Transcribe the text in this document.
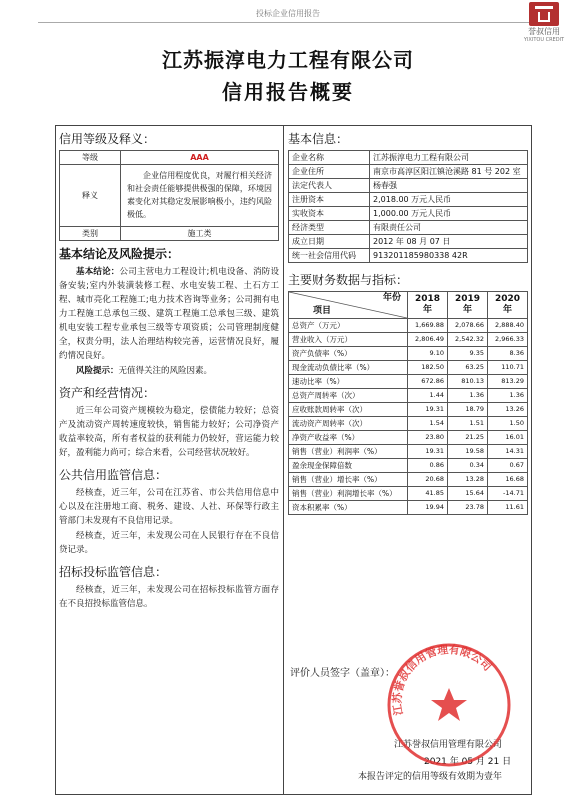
投标企业信用报告
誉叔信用
YIXITOU CREDIT
江苏振淳电力工程有限公司
信用报告概要
信用等级及释义：
等级	AAA
释义	企业信用程度优良，对履行相关经济和社会责任能够提供极强的保障，环境因素变化对其稳定发展影响极小，违约风险极低。

类别	施工类
基本结论及风险提示：
基本结论：公司主营电力工程设计;机电设备、消防设备安装;室内外装潢装修工程、水电安装工程、土石方工程、城市亮化工程施工;电力技术咨询等业务；公司拥有电力工程施工总承包三级、建筑工程施工总承包三级、建筑机电安装工程专业承包三级等专项资质；公司管理制度健全，权责分明，法人治理结构较完善，运营情况良好，履约情况良好。
风险提示：无值得关注的风险因素。
资产和经营情况：
近三年公司资产规模较为稳定，偿债能力较好；总资产及流动资产周转速度较快，销售能力较好；公司净资产收益率较高，所有者权益的获利能力仍较好，营运能力较好，盈利能力尚可；综合来看，公司经营状况较好。
公共信用监管信息：
经核查，近三年，公司在江苏省、市公共信用信息中心以及在注册地工商、税务、建设、人社、环保等行政主管部门未发现有不良信用记录。
经核查，近三年，未发现公司在人民银行存在不良信贷记录。
招标投标监管信息：
经核查，近三年，未发现公司在招标投标监管方面存在不良招投标监管信息。
基本信息：
企业名称	江苏振淳电力工程有限公司
企业住所	南京市高淳区阳江镇沧溪路 81 号 202 室
法定代表人	杨春强
注册资本	2,018.00 万元人民币
实收资本	1,000.00 万元人民币
经济类型	有限责任公司
成立日期	2012 年 08 月 07 日
统一社会信用代码	913201185980338 42R
主要财务数据与指标：
年份
项目	2018年	2019年	2020年
总资产（万元）	1,669.88	2,078.66	2,888.40
营业收入（万元）	2,806.49	2,542.32	2,966.33
资产负债率（%）	9.10	9.35	8.36
现金流动负债比率（%）	182.50	63.25	110.71
速动比率（%）	672.86	810.13	813.29
总资产周转率（次）	1.44	1.36	1.36
应收账款周转率（次）	19.31	18.79	13.26
流动资产周转率（次）	1.54	1.51	1.50
净资产收益率（%）	23.80	21.25	16.01
销售（营业）利润率（%）	19.31	19.58	14.31
盈余现金保障倍数	0.86	0.34	0.67
销售（营业）增长率（%）	20.68	13.28	16.68
销售（营业）利润增长率（%）	41.85	15.64	-14.71
资本积累率（%）	19.94	23.78	11.61
评价人员签字（盖章）：
江苏誉叔信用管理有限公司
2021 年 05 月 21 日
本报告评定的信用等级有效期为壹年
江苏誉叔信用管理有限公司
